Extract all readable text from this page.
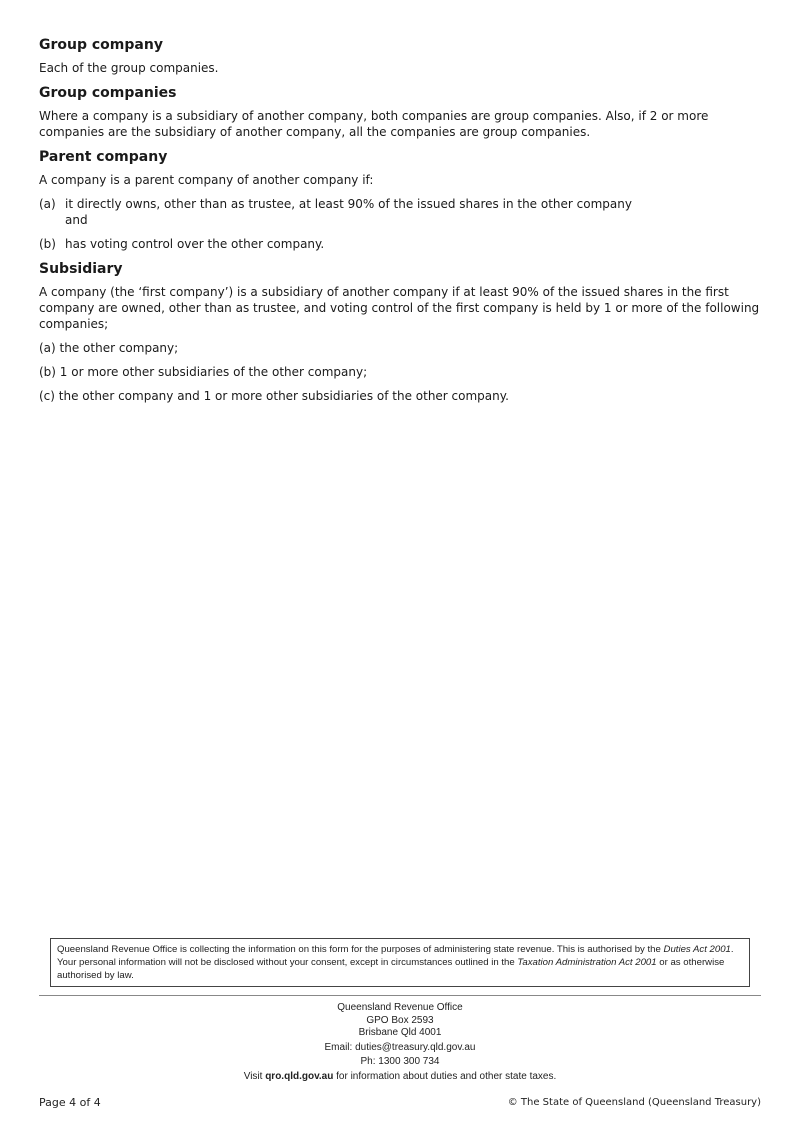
Group company

Each of the group companies.

Group companies

Where a company is a subsidiary of another company, both companies are group companies. Also, if 2 or more companies are the subsidiary of another company, all the companies are group companies.

Parent company

A company is a parent company of another company if:

(a) it directly owns, other than as trustee, at least 90% of the issued shares in the other company
and
(b) has voting control over the other company.
Subsidiary

A company (the ‘first company’) is a subsidiary of another company if at least 90% of the issued shares in the first company are owned, other than as trustee, and voting control of the first company is held by 1 or more of the following companies;

(a) the other company;
(b) 1 or more other subsidiaries of the other company;
(c) the other company and 1 or more other subsidiaries of the other company.
Queensland Revenue Office is collecting the information on this form for the purposes of administering state revenue. This is authorised by the Duties Act 2001. Your personal information will not be disclosed without your consent, except in circumstances outlined in the Taxation Administration Act 2001 or as otherwise authorised by law.
Queensland Revenue Office
GPO Box 2593
Brisbane Qld 4001
Email: duties@treasury.qld.gov.au
Ph: 1300 300 734
Visit qro.qld.gov.au for information about duties and other state taxes.
Page 4 of 4	© The State of Queensland (Queensland Treasury)
